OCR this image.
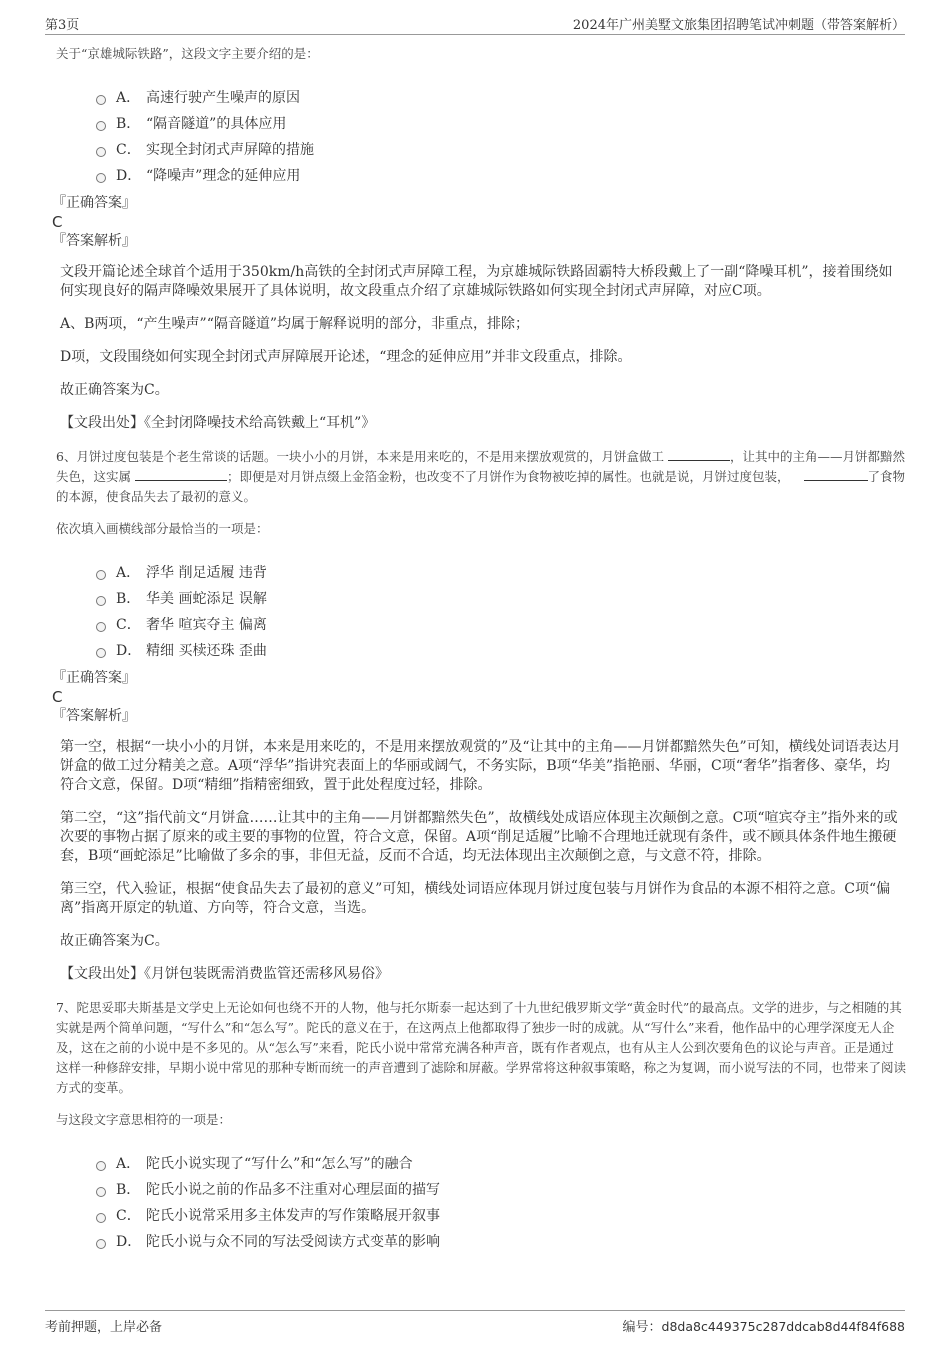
第3页	2024年广州美墅文旅集团招聘笔试冲刺题（带答案解析）

关于“京雄城际铁路”，这段文字主要介绍的是：

A． 高速行驶产生噪声的原因
B． “隔音隧道”的具体应用
C． 实现全封闭式声屏障的措施
D． “降噪声”理念的延伸应用

『正确答案』

C

『答案解析』

文段开篇论述全球首个适用于350km/h高铁的全封闭式声屏障工程，为京雄城际铁路固霸特大桥段戴上了一副“降噪耳机”，接着围绕如何实现良好的隔声降噪效果展开了具体说明，故文段重点介绍了京雄城际铁路如何实现全封闭式声屏障，对应C项。

A、B两项，“产生噪声”“隔音隧道”均属于解释说明的部分，非重点，排除；

D项，文段围绕如何实现全封闭式声屏障展开论述，“理念的延伸应用”并非文段重点，排除。

故正确答案为C。

【文段出处】《全封闭降噪技术给高铁戴上“耳机”》

6、月饼过度包装是个老生常谈的话题。一块小小的月饼，本来是用来吃的，不是用来摆放观赏的，月饼盒做工	，让其中的主角——月饼都黯然失色，这实属	；即便是对月饼点缀上金箔金粉，也改变不了月饼作为食物被吃掉的属性。也就是说，月饼过度包装，	了食物的本源，使食品失去了最初的意义。

依次填入画横线部分最恰当的一项是：

A． 浮华 削足适履 违背
B． 华美 画蛇添足 误解
C． 奢华 喧宾夺主 偏离
D． 精细 买椟还珠 歪曲

『正确答案』

C

『答案解析』

第一空，根据“一块小小的月饼，本来是用来吃的，不是用来摆放观赏的”及“让其中的主角——月饼都黯然失色”可知，横线处词语表达月饼盒的做工过分精美之意。A项“浮华”指讲究表面上的华丽或阔气，不务实际，B项“华美”指艳丽、华丽，C项“奢华”指奢侈、豪华，均符合文意，保留。D项“精细”指精密细致，置于此处程度过轻，排除。

第二空，“这”指代前文“月饼盒……让其中的主角——月饼都黯然失色”，故横线处成语应体现主次颠倒之意。C项“喧宾夺主”指外来的或次要的事物占据了原来的或主要的事物的位置，符合文意，保留。A项“削足适履”比喻不合理地迁就现有条件，或不顾具体条件地生搬硬套，B项“画蛇添足”比喻做了多余的事，非但无益，反而不合适，均无法体现出主次颠倒之意，与文意不符，排除。

第三空，代入验证，根据“使食品失去了最初的意义”可知，横线处词语应体现月饼过度包装与月饼作为食品的本源不相符之意。C项“偏离”指离开原定的轨道、方向等，符合文意，当选。

故正确答案为C。

【文段出处】《月饼包装既需消费监管还需移风易俗》

7、陀思妥耶夫斯基是文学史上无论如何也绕不开的人物，他与托尔斯泰一起达到了十九世纪俄罗斯文学“黄金时代”的最高点。文学的进步，与之相随的其实就是两个简单问题，“写什么”和“怎么写”。陀氏的意义在于，在这两点上他都取得了独步一时的成就。从“写什么”来看，他作品中的心理学深度无人企及，这在之前的小说中是不多见的。从“怎么写”来看，陀氏小说中常常充满各种声音，既有作者观点，也有从主人公到次要角色的议论与声音。正是通过这样一种修辞安排，早期小说中常见的那种专断而统一的声音遭到了滤除和屏蔽。学界常将这种叙事策略，称之为复调，而小说写法的不同，也带来了阅读方式的变革。

与这段文字意思相符的一项是：

A． 陀氏小说实现了“写什么”和“怎么写”的融合
B． 陀氏小说之前的作品多不注重对心理层面的描写
C． 陀氏小说常采用多主体发声的写作策略展开叙事
D． 陀氏小说与众不同的写法受阅读方式变革的影响
考前押题，上岸必备	编号：d8da8c449375c287ddcab8d44f84f688
